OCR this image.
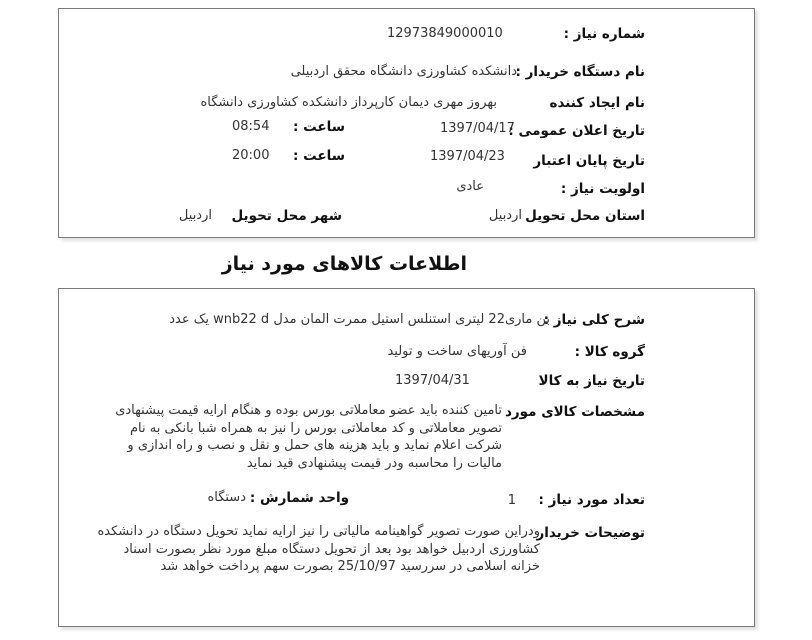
شماره نیاز :
12973849000010
نام دستگاه خریدار :
دانشکده کشاورزی دانشگاه محقق اردبیلی
نام ایجاد کننده
بهروز مهری دیمان کارپرداز دانشکده کشاورزی دانشگاه
تاریخ اعلان عمومی :
1397/04/17
ساعت :
08:54
تاریخ پایان اعتبار
1397/04/23
ساعت :
20:00
اولویت نیاز :
عادی
استان محل تحویل
اردبیل
شهر محل تحویل
اردبیل
اطلاعات کالاهای مورد نیاز
شرح کلی نیاز :
بن ماری22 لیتری استنلس استیل ممرت المان مدل wnb22 d یک عدد
گروه کالا :
فن آوریهای ساخت و تولید
تاریخ نیاز به کالا
1397/04/31
مشخصات کالای مورد
تامین کننده باید عضو معاملاتی بورس بوده و هنگام ارایه قیمت پیشنهادی
تصویر معاملاتی و کد معاملاتی بورس را نیز به همراه شبا بانکی به نام
شرکت اعلام نماید و باید هزینه های حمل و نقل و نصب و راه اندازی و
مالیات را محاسبه ودر قیمت پیشنهادی قید نماید
تعداد مورد نیاز :
1
واحد شمارش :
دستگاه
توضیحات خریدار
ودراین صورت تصویر گواهینامه مالیاتی را نیز ارایه نماید تحویل دستگاه در دانشکده
کشاورزی اردبیل خواهد بود بعد از تحویل دستگاه مبلغ مورد نظر بصورت اسناد
خزانه اسلامی در سررسید 25/10/97 بصورت سهم پرداخت خواهد شد
